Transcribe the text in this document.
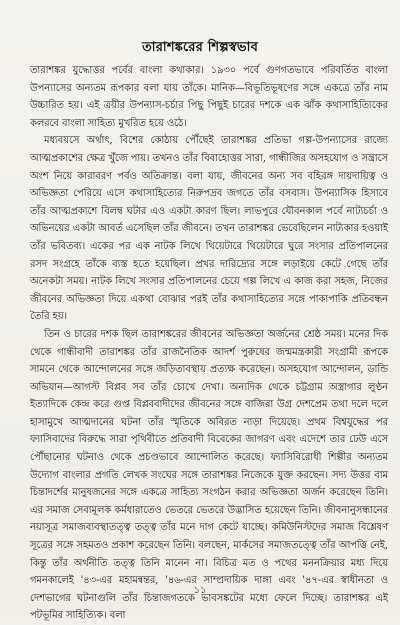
তারাশঙ্করের শিল্পস্বভাব

তারাশঙ্কর যুদ্ধোত্তর পর্বের বাংলা কথাকার। ১৯৩০ পর্বে গুণগতভাবে পরিবর্তিত বাংলা উপন্যাসের অন্যতম রূপকার বলা যায় তাঁকে। মানিক—বিভূতিভূষণের সঙ্গে একত্রে তাঁর নাম উচ্চারিত হয়। এই ত্রয়ীর উপন্যাস-চর্চার পিছু পিছুই চারের দশকে এক ঝাঁক কথাসাহিত্যিকের কলরবে বাংলা সাহিত্য মুখরিত হয়ে ওঠে।

মধ্যবয়সে অর্থাৎ, বিশের কোঠায় পৌঁছেই তারাশঙ্কর প্রতিভা গল্প-উপন্যাসের রাজ্যে আত্মপ্রকাশের ক্ষেত্র খুঁজে পায়। তখনও তাঁর বিবাহোত্তর সারা, গান্ধীজির অসহযোগ ও সন্ত্রাসে অংশ নিয়ে কারাবরণ পর্বও অতিক্রান্ত। বলা যায়, জীবনের অন্য সব বহিরঙ্গ দায়দায়িত্ব ও অভিজ্ঞতা পেরিয়ে এসে কথাসাহিত্যের নিরুপদ্রব জগতে তাঁর বসবাস। উপন্যাসিক হিসাবে তাঁর আত্মপ্রকাশে বিলম্ব ঘটার এও একটা কারণ ছিল। লাভপুরে যৌবনকাল পর্বে নাট্যচর্চা ও অভিনয়ের একটা আবর্ত এসেছিল তাঁর জীবনে। তখন তারাশঙ্কর ভেবেছিলেন নাট্যকার হওয়াই তাঁর ভবিতব্য। একের পর এক নাটক লিখে থিয়েটারে থিয়েটারে ঘুরে সংসার প্রতিপালনের রসদ সংগ্রহে তাঁকে ব্যস্ত হতে হয়েছিল। প্রখর দারিদ্র্যের সঙ্গে লড়াইয়ে কেটে গেছে তাঁর অনেকটা সময়। নাটক লিখে সংসার প্রতিপালনের চেয়ে গল্প লিখে এ কাজ করা সহজ, নিজের জীবনের অভিজ্ঞতা দিয়ে একথা বোঝার পরই তাঁর কথাসাহিত্যের সঙ্গে পাকাপাকি প্রতিবন্ধন তৈরি হয়।

তিন ও চারের দশক ছিল তারাশঙ্করের জীবনের অভিজ্ঞতা অর্জনের শ্রেষ্ঠ সময়। মনের দিক থেকে গান্ধীবাদী তারাশঙ্কর তাঁর রাজনৈতিক আদর্শ পুরুষের জন্মমন্ত্রকারী সংগ্রামী রূপকে সামনে থেকে আন্দোলনের সঙ্গে জড়িতাবস্থায় প্রত্যক্ষ করেছেন। অসহযোগ আন্দোলন, ডান্ডি অভিযান—আগস্ট বিপ্লব সব তাঁর চোখে দেখা। অন্যদিক থেকে চট্টগ্রাম অস্ত্রাগার লুণ্ঠন ইত্যাদিকে কেন্দ্র করে গুপ্ত বিপ্লববাদীদের জীবনের সঙ্গে বাজিরা উগ্র দেশপ্রেম তথা দলে দলে হাসামুখে আত্মদানের ঘটনা তাঁর স্মৃতিকে অবিরত নাড়া দিয়েছে। প্রথম বিশ্বযুদ্ধের পর ফ্যাসিবাদের বিরুদ্ধে সারা পৃথিবীতে প্রতিবাদী বিবেকের জাগরণ এবং এদেশে তার ঢেউ এসে পৌঁছানোর ঘটনাও থেকে প্রচণ্ডভাবে আন্দোলিত করেছে। ফ্যাসিবিরোধী শিল্পীর অন্যতম উদ্যোগ বাংলার প্রগতি লেখক সংঘের সঙ্গে তারাশঙ্কর নিজেকে যুক্ত করছেন। সদ্য উত্তর বাম চিন্তাদর্শের মানুষজনের সঙ্গে একত্রে সাহিত্য সংগঠন করার অভিজ্ঞতা অর্জন করেছেন তিনি। এর সমাজ সেবামূলক কর্মধারাতেও ভেতরে ভেতরে উদ্ভাসিত হয়েছেন তিনি। জীবনানুসন্ধানের নয়াসূত্র সমাজব্যবস্থাতত্ত্ব তত্ত্ব তাঁর মনে দাগ কেটে যাচ্ছে। কমিউনিস্টদের সমাজ বিশ্লেষণ সূত্রের সঙ্গে সহমতও প্রকাশ করেছেন তিনি। বলছেন, মার্কসের সমাজতত্ত্বে তাঁর আপত্তি নেই, কিন্তু তাঁর অর্থনীতি তত্ত্ব তিনি মানেন না। বিচিত্র মত ও পথের মননক্রিয়ার মধ্য দিয়ে গমনকালেই '৪৩-এর মহামন্বন্তর, '৪৬-এর সাম্প্রদায়িক দাঙ্গা এবং '৪৭-এর স্বাধীনতা ও দেশভাগের ঘটনাগুলি তাঁর চিন্তাজগতকে ভাবসঙ্কটের মধ্যে ফেলে দিচ্ছে। তারাশঙ্কর এই পটভূমির সাহিত্যিক। বলা

১১
